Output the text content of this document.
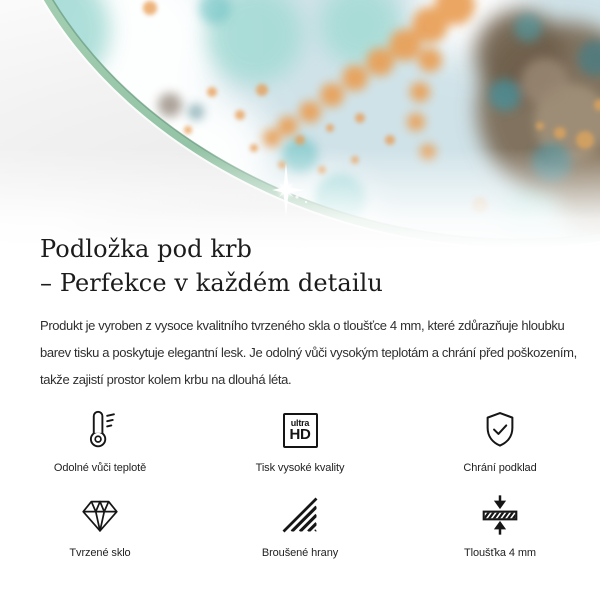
Podložka pod krb
– Perfekce v každém detailu
Produkt je vyroben z vysoce kvalitního tvrzeného skla o tloušťce 4 mm, které zdůrazňuje hloubku
barev tisku a poskytuje elegantní lesk. Je odolný vůči vysokým teplotám a chrání před poškozením,
takže zajistí prostor kolem krbu na dlouhá léta.
Odolné vůči teplotě
ultra
HD
Tisk vysoké kvality	Chrání podklad
Tvrzené sklo	Broušené hrany	Tloušťka 4 mm
